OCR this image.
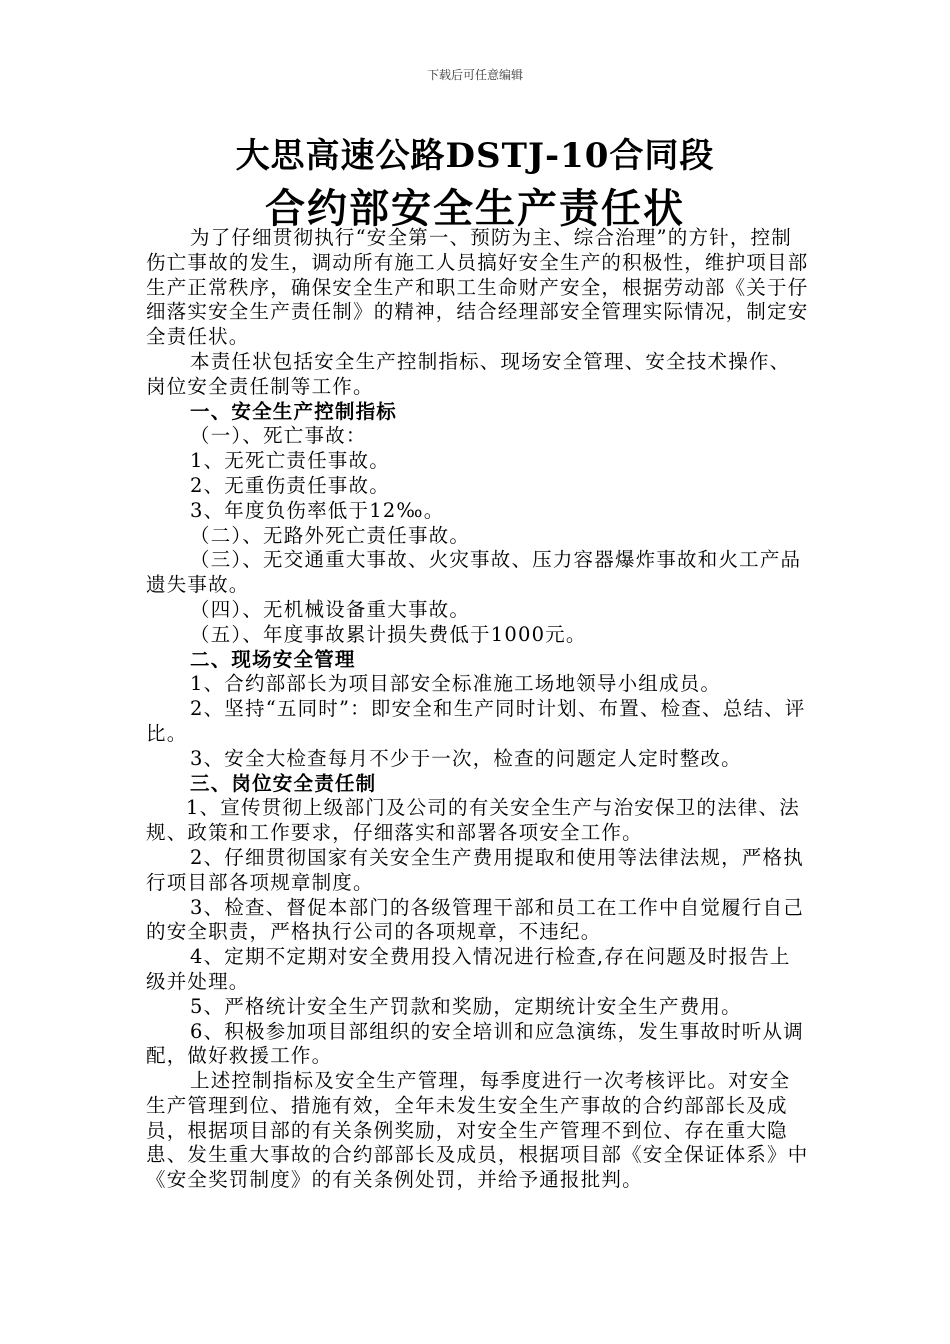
下载后可任意编辑
大思高速公路DSTJ-10合同段
合约部安全生产责任状

为了仔细贯彻执行“安全第一、预防为主、综合治理”的方针，控制伤亡事故的发生，调动所有施工人员搞好安全生产的积极性，维护项目部生产正常秩序，确保安全生产和职工生命财产安全，根据劳动部《关于仔细落实安全生产责任制》的精神，结合经理部安全管理实际情况，制定安全责任状。

本责任状包括安全生产控制指标、现场安全管理、安全技术操作、岗位安全责任制等工作。

一、安全生产控制指标

（一）、死亡事故：

1、无死亡责任事故。

2、无重伤责任事故。

3、年度负伤率低于12‰。

（二）、无路外死亡责任事故。

（三）、无交通重大事故、火灾事故、压力容器爆炸事故和火工产品遗失事故。

（四）、无机械设备重大事故。

（五）、年度事故累计损失费低于1000元。

二、现场安全管理

1、合约部部长为项目部安全标准施工场地领导小组成员。

2、坚持“五同时”：即安全和生产同时计划、布置、检查、总结、评比。

3、安全大检查每月不少于一次，检查的问题定人定时整改。

三、岗位安全责任制

1、宣传贯彻上级部门及公司的有关安全生产与治安保卫的法律、法规、政策和工作要求，仔细落实和部署各项安全工作。

2、仔细贯彻国家有关安全生产费用提取和使用等法律法规，严格执行项目部各项规章制度。

3、检查、督促本部门的各级管理干部和员工在工作中自觉履行自己的安全职责，严格执行公司的各项规章，不违纪。

4、定期不定期对安全费用投入情况进行检查,存在问题及时报告上级并处理。

5、严格统计安全生产罚款和奖励，定期统计安全生产费用。

6、积极参加项目部组织的安全培训和应急演练，发生事故时听从调配，做好救援工作。

上述控制指标及安全生产管理，每季度进行一次考核评比。对安全生产管理到位、措施有效，全年未发生安全生产事故的合约部部长及成员，根据项目部的有关条例奖励，对安全生产管理不到位、存在重大隐患、发生重大事故的合约部部长及成员，根据项目部《安全保证体系》中《安全奖罚制度》的有关条例处罚，并给予通报批判。
